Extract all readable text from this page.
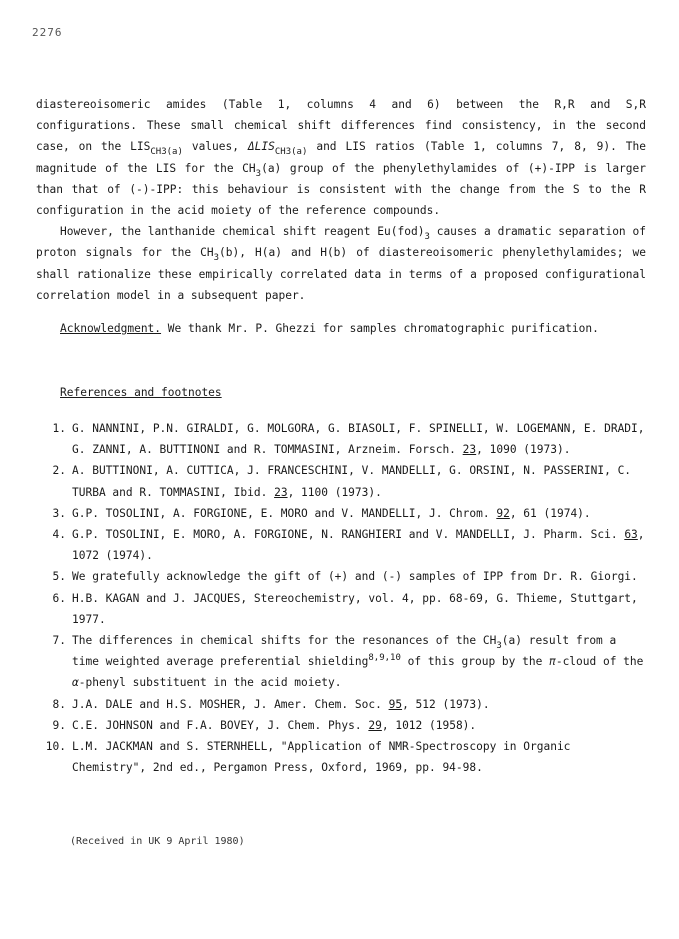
2276

diastereoisomeric amides (Table 1, columns 4 and 6) between the R,R and S,R configurations. These small chemical shift differences find consistency, in the second case, on the $LIS_{CH3(a)}$ values, $\Delta LIS_{CH3(a)}$ and LIS ratios (Table 1, columns 7, 8, 9). The magnitude of the LIS for the $CH_3(a)$ group of the phenylethylamides of (+)-IPP is larger than that of (-)-IPP: this behaviour is consistent with the change from the S to the R configuration in the acid moiety of the reference compounds.

However, the lanthanide chemical shift reagent $Eu(fod)_3$ causes a dramatic separation of proton signals for the $CH_3(b)$, H(a) and H(b) of diastereoisomeric phenylethylamides; we shall rationalize these empirically correlated data in terms of a proposed configurational correlation model in a subsequent paper.

Acknowledgment. We thank Mr. P. Ghezzi for samples chromatographic purification.

References and footnotes
1. G. NANNINI, P.N. GIRALDI, G. MOLGORA, G. BIASOLI, F. SPINELLI, W. LOGEMANN, E. DRADI, G. ZANNI, A. BUTTINONI and R. TOMMASINI, Arzneim. Forsch. 23, 1090 (1973).
2. A. BUTTINONI, A. CUTTICA, J. FRANCESCHINI, V. MANDELLI, G. ORSINI, N. PASSERINI, C. TURBA and R. TOMMASINI, Ibid. 23, 1100 (1973).
3. G.P. TOSOLINI, A. FORGIONE, E. MORO and V. MANDELLI, J. Chrom. 92, 61 (1974).
4. G.P. TOSOLINI, E. MORO, A. FORGIONE, N. RANGHIERI and V. MANDELLI, J. Pharm. Sci. 63, 1072 (1974).
5. We gratefully acknowledge the gift of (+) and (-) samples of IPP from Dr. R. Giorgi.
6. H.B. KAGAN and J. JACQUES, Stereochemistry, vol. 4, pp. 68-69, G. Thieme, Stuttgart, 1977.
7. The differences in chemical shifts for the resonances of the $CH_3(a)$ result from a time weighted average preferential shielding$^{8,9,10}$ of this group by the π-cloud of the α-phenyl substituent in the acid moiety.
8. J.A. DALE and H.S. MOSHER, J. Amer. Chem. Soc. 95, 512 (1973).
9. C.E. JOHNSON and F.A. BOVEY, J. Chem. Phys. 29, 1012 (1958).
10. L.M. JACKMAN and S. STERNHELL, "Application of NMR-Spectroscopy in Organic Chemistry", 2nd ed., Pergamon Press, Oxford, 1969, pp. 94-98.
(Received in UK 9 April 1980)
